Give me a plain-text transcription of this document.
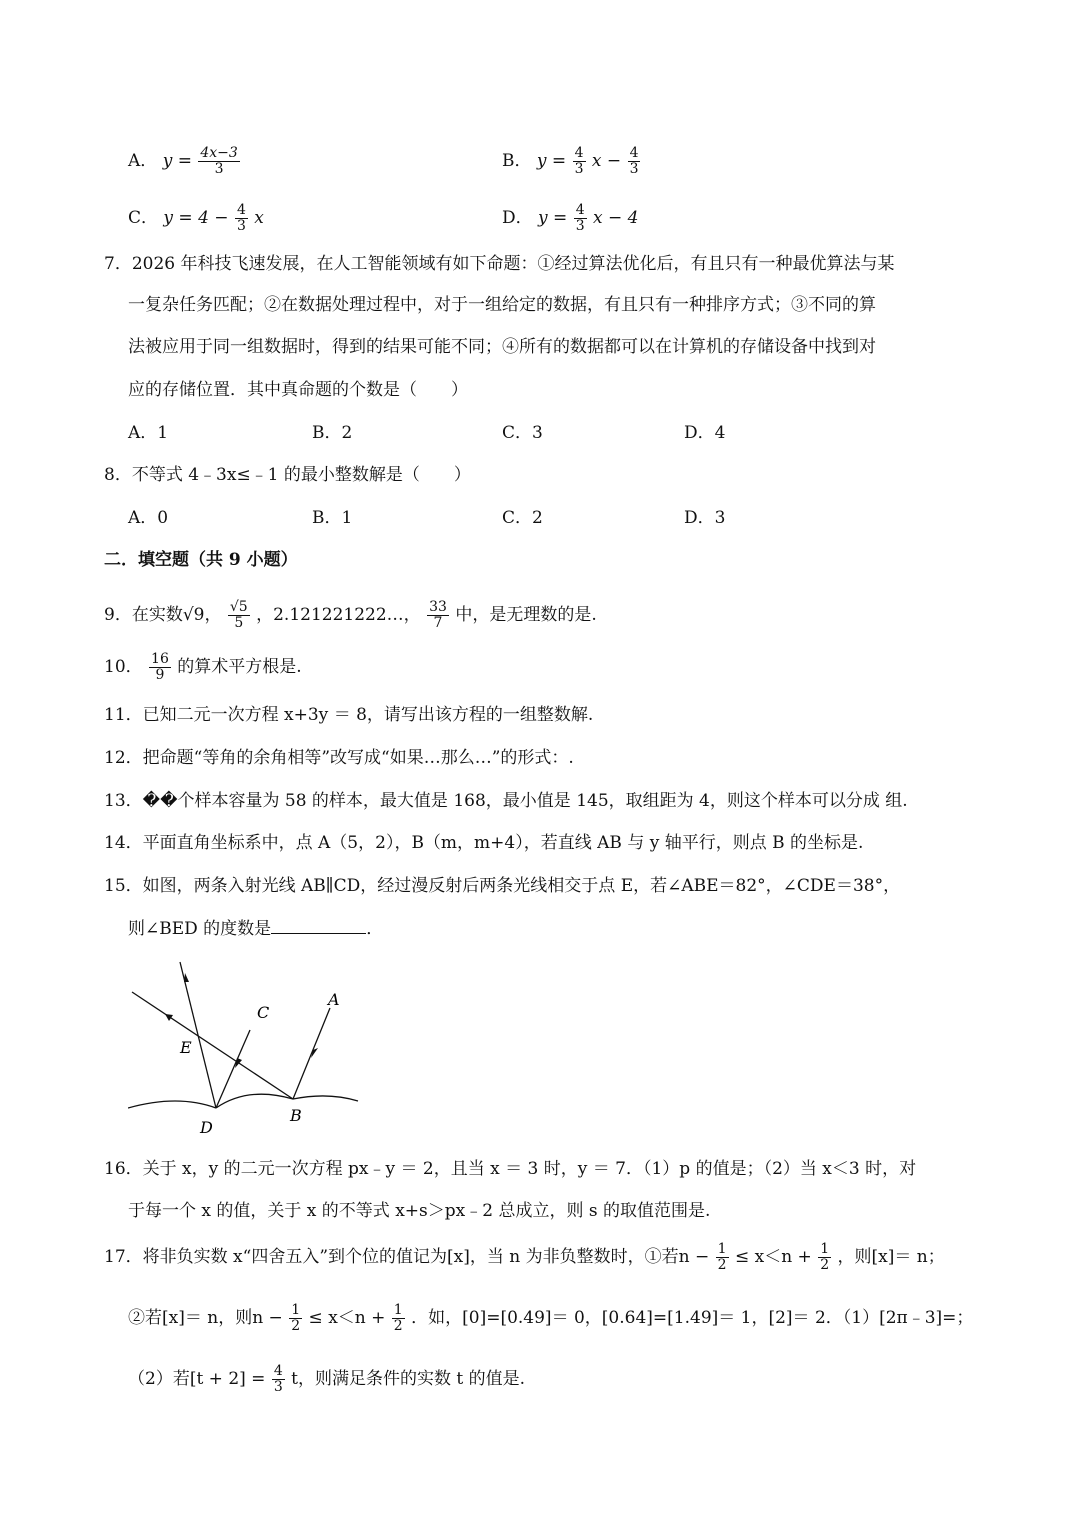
A． $y = \frac{4x-3}{3}$	B． $y = \frac{4}{3}$ $x - \frac{4}{3}$
C． $y = 4 - \frac{4}{3}$ x	D． $y = \frac{4}{3}$ x − 4
7．2026 年科技飞速发展，在人工智能领域有如下命题：①经过算法优化后，有且只有一种最优算法与某
一复杂任务匹配；②在数据处理过程中，对于一组给定的数据，有且只有一种排序方式；③不同的算
法被应用于同一组数据时，得到的结果可能不同；④所有的数据都可以在计算机的存储设备中找到对
应的存储位置．其中真命题的个数是（　　）
A．1	B．2	C．3	D．4
8．不等式 4﹣3x≤﹣1 的最小整数解是（　　）
A．0	B．1	C．2	D．3
二．填空题（共 9 小题）
9．在实数√9， $\frac{√5}{5}$ ，2.121221222…， $\frac{33}{7}$ 中，是无理数的是.
10． $\frac{16}{9}$ 的算术平方根是.
11．已知二元一次方程 x+3y ＝ 8，请写出该方程的一组整数解.
12．把命题“等角的余角相等”改写成“如果…那么…”的形式：.
13．��个样本容量为 58 的样本，最大值是 168，最小值是 145，取组距为 4，则这个样本可以分成 组.
14．平面直角坐标系中，点 A（5，2），B（m，m+4），若直线 AB 与 y 轴平行，则点 B 的坐标是.
15．如图，两条入射光线 AB∥CD，经过漫反射后两条光线相交于点 E，若∠ABE＝82°，∠CDE＝38°，
则∠BED 的度数是	．
A
B
C
D
E
16．关于 x，y 的二元一次方程 px﹣y ＝ 2，且当 x ＝ 3 时，y ＝ 7．（1）p 的值是；（2）当 x＜3 时，对
于每一个 x 的值，关于 x 的不等式 x+s＞px﹣2 总成立，则 s 的取值范围是.
17．将非负实数 x“四舍五入”到个位的值记为[x]，当 n 为非负整数时，①若$n - \frac{1}{2} \le x<n + \frac{1}{2}$ ，则[x]＝ n；
②若[x]＝ n，则$n - \frac{1}{2} \le x<n + \frac{1}{2}$ ．如，[0]=[0.49]＝ 0，[0.64]=[1.49]＝ 1，[2]＝ 2．（1）[2π﹣3]=；
（2）若$[t + 2] = \frac{4}{3}$ t，则满足条件的实数 t 的值是.
